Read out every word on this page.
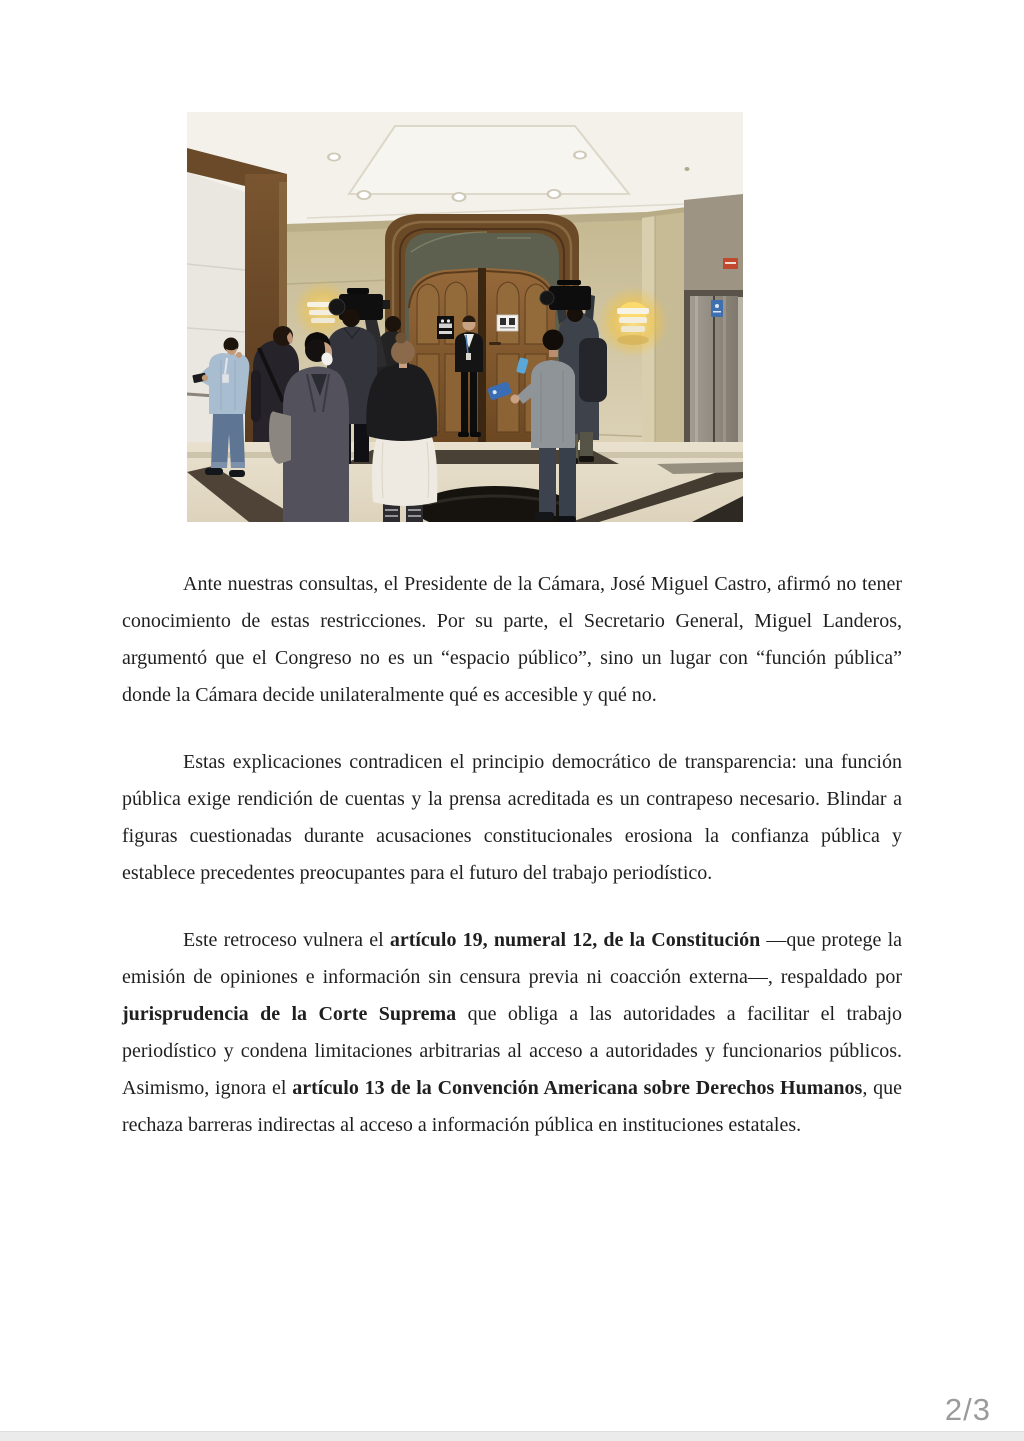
Ante nuestras consultas, el Presidente de la Cámara, José Miguel Castro, afirmó no tener conocimiento de estas restricciones. Por su parte, el Secretario General, Miguel Landeros, argumentó que el Congreso no es un “espacio público”, sino un lugar con “función pública” donde la Cámara decide unilateralmente qué es accesible y qué no.

Estas explicaciones contradicen el principio democrático de transparencia: una función pública exige rendición de cuentas y la prensa acreditada es un contrapeso necesario. Blindar a figuras cuestionadas durante acusaciones constitucionales erosiona la confianza pública y establece precedentes preocupantes para el futuro del trabajo periodístico.

Este retroceso vulnera el artículo 19, numeral 12, de la Constitución —que protege la emisión de opiniones e información sin censura previa ni coacción externa—, respaldado por jurisprudencia de la Corte Suprema que obliga a las autoridades a facilitar el trabajo periodístico y condena limitaciones arbitrarias al acceso a autoridades y funcionarios públicos. Asimismo, ignora el artículo 13 de la Convención Americana sobre Derechos Humanos, que rechaza barreras indirectas al acceso a información pública en instituciones estatales.

2/3
